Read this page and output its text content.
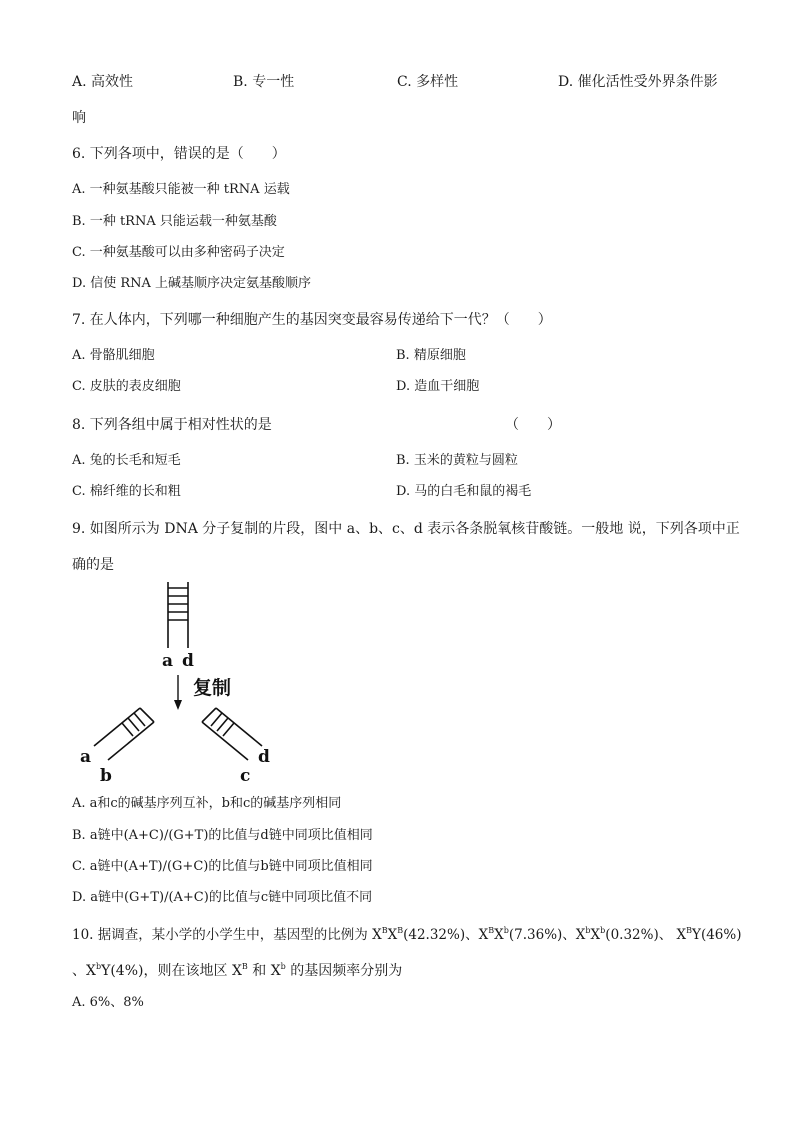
A. 高效性	B. 专一性	C. 多样性	D. 催化活性受外界条件影
响
6. 下列各项中，错误的是（　　）
A. 一种氨基酸只能被一种 tRNA 运载
B. 一种 tRNA 只能运载一种氨基酸
C. 一种氨基酸可以由多种密码子决定
D. 信使 RNA 上碱基顺序决定氨基酸顺序
7. 在人体内，下列哪一种细胞产生的基因突变最容易传递给下一代？（　　）
A. 骨骼肌细胞	B. 精原细胞
C. 皮肤的表皮细胞	D. 造血干细胞
8. 下列各组中属于相对性状的是	（　　）
A. 兔的长毛和短毛	B. 玉米的黄粒与圆粒
C. 棉纤维的长和粗	D. 马的白毛和鼠的褐毛
9. 如图所示为 DNA 分子复制的片段，图中 a、b、c、d 表示各条脱氧核苷酸链。一般地 说，下列各项中正
确的是
a d
复制
a
b
d
c
A. a和c的碱基序列互补，b和c的碱基序列相同
B. a链中(A+C)/(G+T)的比值与d链中同项比值相同
C. a链中(A+T)/(G+C)的比值与b链中同项比值相同
D. a链中(G+T)/(A+C)的比值与c链中同项比值不同
10. 据调查，某小学的小学生中，基因型的比例为 $X^BX^B(42.32\%)$、$X^BX^b(7.36\%)$、$X^bX^b(0.32\%)$、 $X^BY(46\%)$
、$X^bY(4\%)$，则在该地区 $X^B$ 和 $X^b$ 的基因频率分别为
A. 6%、8%
